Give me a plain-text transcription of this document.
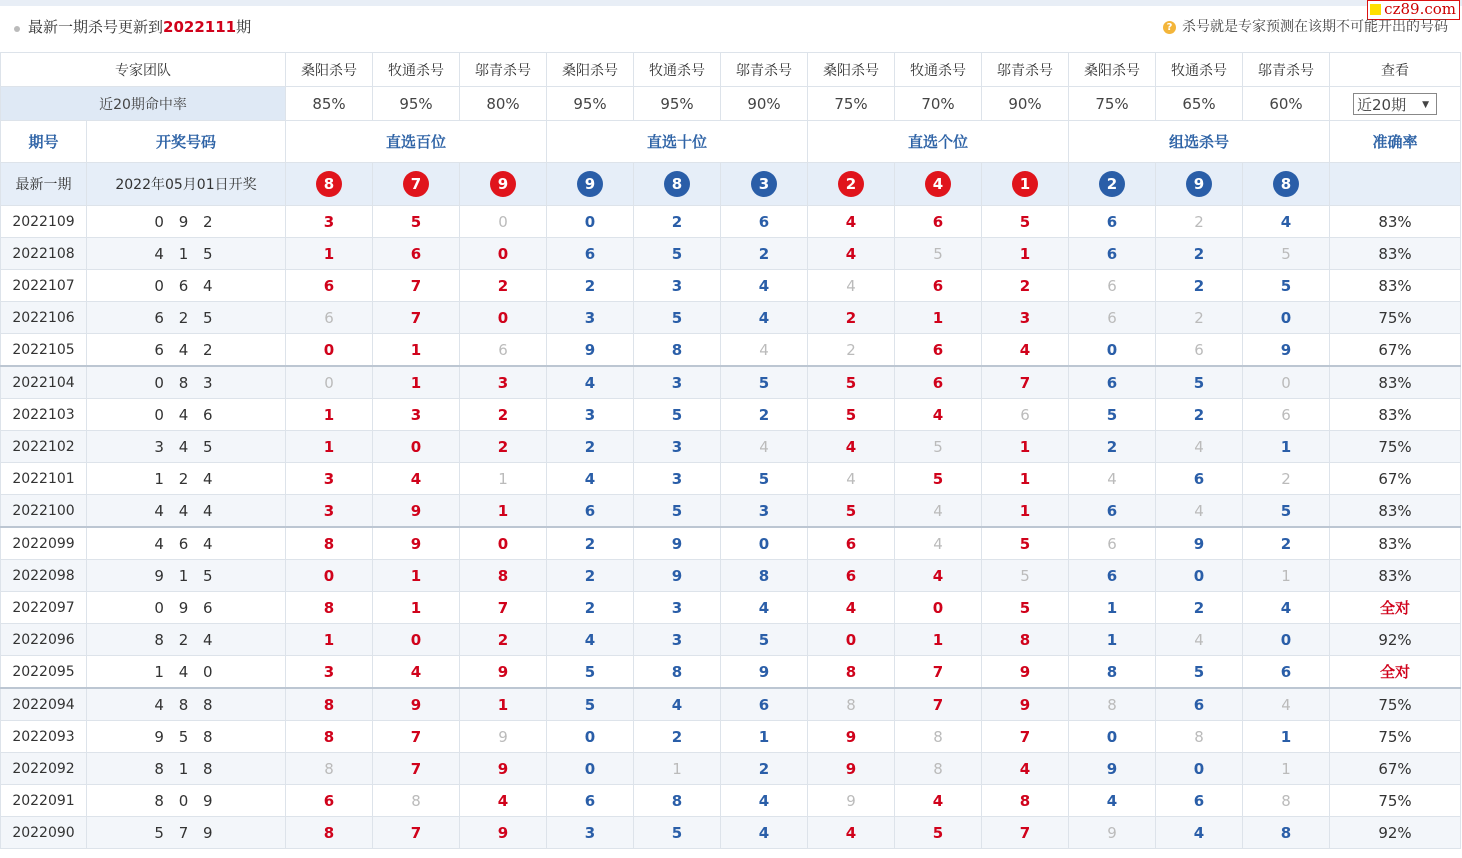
cz89.com
最新一期杀号更新到2022111期	? 杀号就是专家预测在该期不可能开出的号码
专家团队		桑阳杀号	牧通杀号	邬青杀号	桑阳杀号	牧通杀号	邬青杀号	桑阳杀号	牧通杀号	邬青杀号	桑阳杀号	牧通杀号	邬青杀号	查看
近20期命中率		85%	95%	80%	95%	95%	90%	75%	70%	90%	75%	65%	60%	近20期 ▼

期号	开奖号码	直选百位			直选十位			直选个位			组选杀号			准确率
最新一期	2022年05月01日开奖	8	7	9	9	8	3	2	4	1	2	9	8	
2022109	0 9 2	3	5	0	0	2	6	4	6	5	6	2	4	83%
2022108	4 1 5	1	6	0	6	5	2	4	5	1	6	2	5	83%
2022107	0 6 4	6	7	2	2	3	4	4	6	2	6	2	5	83%
2022106	6 2 5	6	7	0	3	5	4	2	1	3	6	2	0	75%
2022105	6 4 2	0	1	6	9	8	4	2	6	4	0	6	9	67%
2022104	0 8 3	0	1	3	4	3	5	5	6	7	6	5	0	83%
2022103	0 4 6	1	3	2	3	5	2	5	4	6	5	2	6	83%
2022102	3 4 5	1	0	2	2	3	4	4	5	1	2	4	1	75%
2022101	1 2 4	3	4	1	4	3	5	4	5	1	4	6	2	67%
2022100	4 4 4	3	9	1	6	5	3	5	4	1	6	4	5	83%
2022099	4 6 4	8	9	0	2	9	0	6	4	5	6	9	2	83%
2022098	9 1 5	0	1	8	2	9	8	6	4	5	6	0	1	83%
2022097	0 9 6	8	1	7	2	3	4	4	0	5	1	2	4	全对
2022096	8 2 4	1	0	2	4	3	5	0	1	8	1	4	0	92%
2022095	1 4 0	3	4	9	5	8	9	8	7	9	8	5	6	全对
2022094	4 8 8	8	9	1	5	4	6	8	7	9	8	6	4	75%
2022093	9 5 8	8	7	9	0	2	1	9	8	7	0	8	1	75%
2022092	8 1 8	8	7	9	0	1	2	9	8	4	9	0	1	67%
2022091	8 0 9	6	8	4	6	8	4	9	4	8	4	6	8	75%
2022090	5 7 9	8	7	9	3	5	4	4	5	7	9	4	8	92%
